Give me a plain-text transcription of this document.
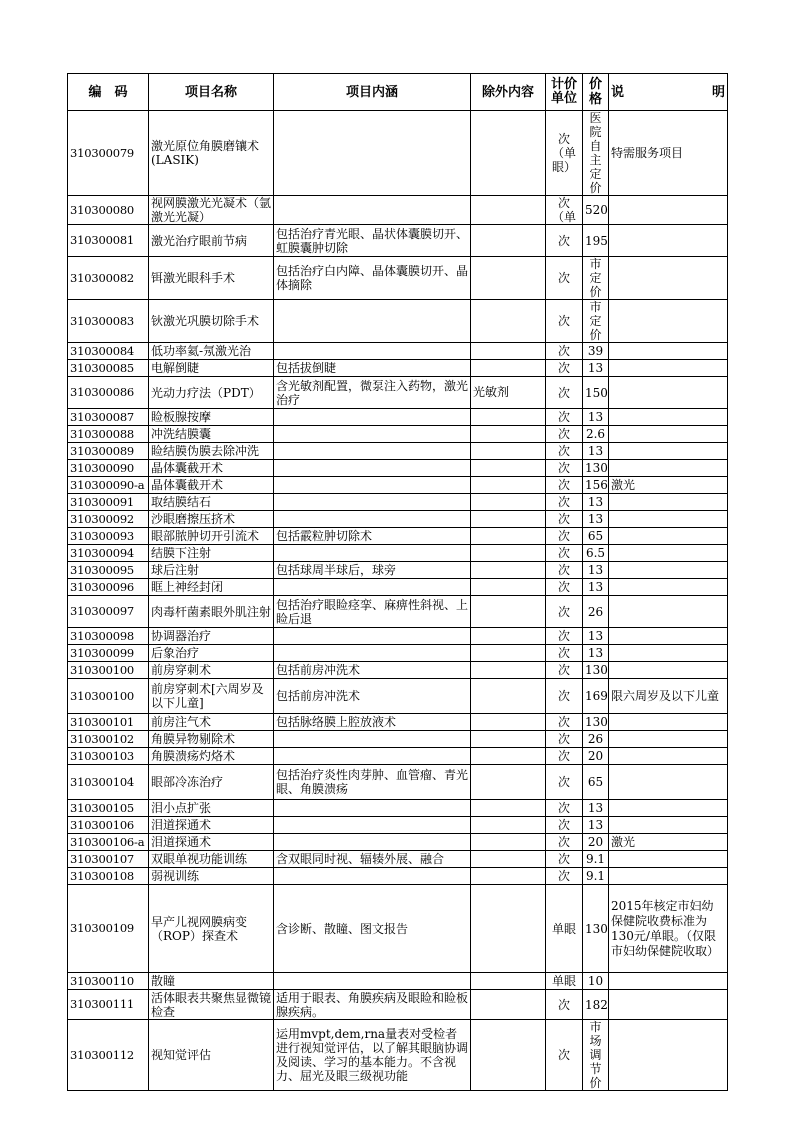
编　码	项目名称	项目内涵	除外内容	计价单位	价格	说　明
310300079	激光原位角膜磨镶术(LASIK)			次（单眼）	医院自主定价	特需服务项目
310300080	视网膜激光光凝术（氩激光光凝）			次（单	520	
310300081	激光治疗眼前节病	包括治疗青光眼、晶状体囊膜切开、虹膜囊肿切除		次	195	
310300082	铒激光眼科手术	包括治疗白内障、晶体囊膜切开、晶体摘除		次	市定价	
310300083	钬激光巩膜切除手术			次	市定价	
310300084	低功率氦-氖激光治			次	39	
310300085	电解倒睫	包括拔倒睫		次	13	
310300086	光动力疗法（PDT）	含光敏剂配置，微泵注入药物，激光治疗	光敏剂	次	150	
310300087	睑板腺按摩			次	13	
310300088	冲洗结膜囊			次	2.6	
310300089	睑结膜伪膜去除冲洗			次	13	
310300090	晶体囊截开术			次	130	
310300090-a	晶体囊截开术			次	156	激光
310300091	取结膜结石			次	13	
310300092	沙眼磨擦压挤术			次	13	
310300093	眼部脓肿切开引流术	包括霰粒肿切除术		次	65	
310300094	结膜下注射			次	6.5	
310300095	球后注射	包括球周半球后，球旁		次	13	
310300096	眶上神经封闭			次	13	
310300097	肉毒杆菌素眼外肌注射	包括治疗眼睑痉挛、麻痹性斜视、上睑后退		次	26	
310300098	协调器治疗			次	13	
310300099	后象治疗			次	13	
310300100	前房穿刺术	包括前房冲洗术		次	130	
310300100	前房穿刺术[六周岁及以下儿童]	包括前房冲洗术		次	169	限六周岁及以下儿童
310300101	前房注气术	包括脉络膜上腔放液术		次	130	
310300102	角膜异物剔除术			次	26	
310300103	角膜溃疡灼烙术			次	20	
310300104	眼部冷冻治疗	包括治疗炎性肉芽肿、血管瘤、青光眼、角膜溃疡		次	65	
310300105	泪小点扩张			次	13	
310300106	泪道探通术			次	13	
310300106-a	泪道探通术			次	20	激光
310300107	双眼单视功能训练	含双眼同时视、辐辏外展、融合		次	9.1	
310300108	弱视训练			次	9.1	
310300109	早产儿视网膜病变（ROP）探查术	含诊断、散瞳、图文报告		单眼	130	2015年核定市妇幼保健院收费标准为130元/单眼。（仅限市妇幼保健院收取）
310300110	散瞳			单眼	10	
310300111	活体眼表共聚焦显微镜检查	适用于眼表、角膜疾病及眼睑和睑板腺疾病。		次	182	
310300112	视知觉评估	运用mvpt,dem,rna量表对受检者进行视知觉评估，以了解其眼脑协调及阅读、学习的基本能力。不含视力、屈光及眼三级视功能		次	市场调节价	
